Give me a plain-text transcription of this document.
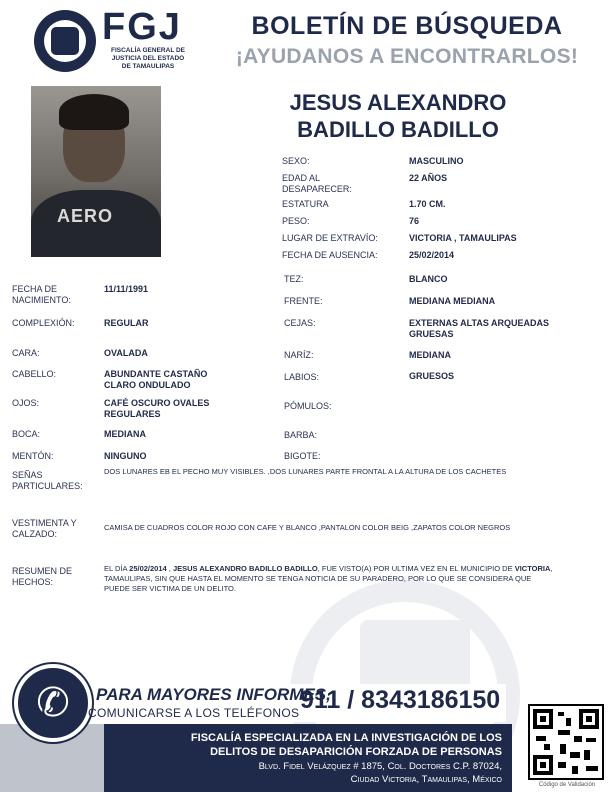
FGJ
FISCALÍA GENERAL DE
JUSTICIA DEL ESTADO
DE TAMAULIPAS
BOLETÍN DE BÚSQUEDA
¡AYUDANOS A ENCONTRARLOS!
AERO
JESUS ALEXANDRO
BADILLO BADILLO
SEXO:	MASCULINO
EDAD AL DESAPARECER:
22 AÑOS
ESTATURA	1.70 CM.
PESO:	76
LUGAR DE EXTRAVÍO:	VICTORIA , TAMAULIPAS
FECHA DE AUSENCIA:	25/02/2014
FECHA DE NACIMIENTO:
11/11/1991
COMPLEXIÓN:	REGULAR
CARA:	OVALADA
CABELLO:	ABUNDANTE CASTAÑO CLARO ONDULADO
OJOS:	CAFÉ OSCURO OVALES REGULARES
BOCA:	MEDIANA
MENTÓN:	NINGUNO
TEZ:	BLANCO
FRENTE:	MEDIANA MEDIANA
CEJAS:	EXTERNAS ALTAS ARQUEADAS GRUESAS
NARÍZ:	MEDIANA
LABIOS:	GRUESOS
PÓMULOS:
BARBA:
BIGOTE:
SEÑAS PARTICULARES:
DOS LUNARES EB EL PECHO MUY VISIBLES. ,DOS LUNARES PARTE FRONTAL A LA ALTURA DE LOS CACHETES
VESTIMENTA Y CALZADO:
CAMISA DE CUADROS COLOR ROJO CON CAFE Y BLANCO ,PANTALON COLOR BEIG ,ZAPATOS COLOR NEGROS
RESUMEN DE HECHOS:
EL DÍA 25/02/2014 , JESUS ALEXANDRO BADILLO BADILLO, FUE VISTO(A) POR ULTIMA VEZ EN EL MUNICIPIO DE VICTORIA, TAMAULIPAS, SIN QUE HASTA EL MOMENTO SE TENGA NOTICIA DE SU PARADERO, POR LO QUE SE CONSIDERA QUE PUEDE SER VICTIMA DE UN DELITO.
✆	PARA MAYORES INFORMES,
COMUNICARSE A LOS TELÉFONOS 911 / 8343186150
FISCALÍA ESPECIALIZADA EN LA INVESTIGACIÓN DE LOS
DELITOS DE DESAPARICIÓN FORZADA DE PERSONAS
Blvd. Fidel Velázquez # 1875, Col. Doctores C.P. 87024,
Ciudad Victoria, Tamaulipas, México	Código de Validación
